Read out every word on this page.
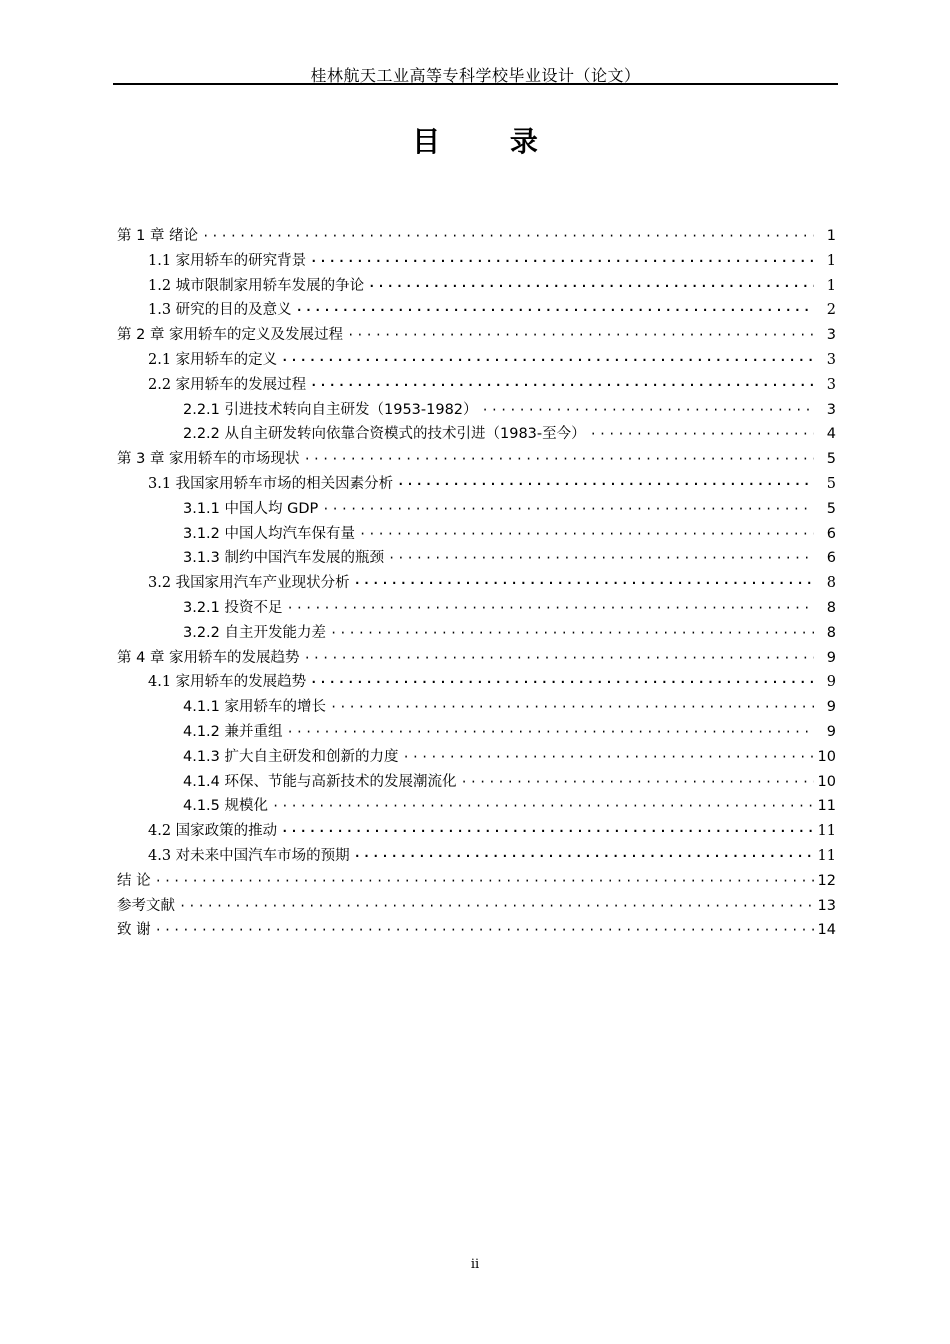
桂林航天工业高等专科学校毕业设计（论文）
目 录
第 1 章 绪论 ·····	1
1.1 家用轿车的研究背景 ·····	1
1.2 城市限制家用轿车发展的争论 ·····	1
1.3 研究的目的及意义 ·····	2
第 2 章 家用轿车的定义及发展过程 ·····	3
2.1 家用轿车的定义 ·····	3
2.2 家用轿车的发展过程 ·····	3
2.2.1 引进技术转向自主研发（1953-1982） ·····	3
2.2.2 从自主研发转向依靠合资模式的技术引进（1983-至今） ·····	4
第 3 章 家用轿车的市场现状 ·····	5
3.1 我国家用轿车市场的相关因素分析 ·····	5
3.1.1 中国人均 GDP ·····	5
3.1.2 中国人均汽车保有量 ·····	6
3.1.3 制约中国汽车发展的瓶颈 ·····	6
3.2 我国家用汽车产业现状分析 ·····	8
3.2.1 投资不足 ·····	8
3.2.2 自主开发能力差 ·····	8
第 4 章 家用轿车的发展趋势 ·····	9
4.1 家用轿车的发展趋势 ·····	9
4.1.1 家用轿车的增长 ·····	9
4.1.2 兼并重组 ·····	9
4.1.3 扩大自主研发和创新的力度 ·····	10
4.1.4 环保、节能与高新技术的发展潮流化 ·····	10
4.1.5 规模化 ·····	11
4.2 国家政策的推动 ·····	11
4.3 对未来中国汽车市场的预期 ·····	11
结 论 ·····	12
参考文献 ·····	13
致 谢 ·····	14
ii
